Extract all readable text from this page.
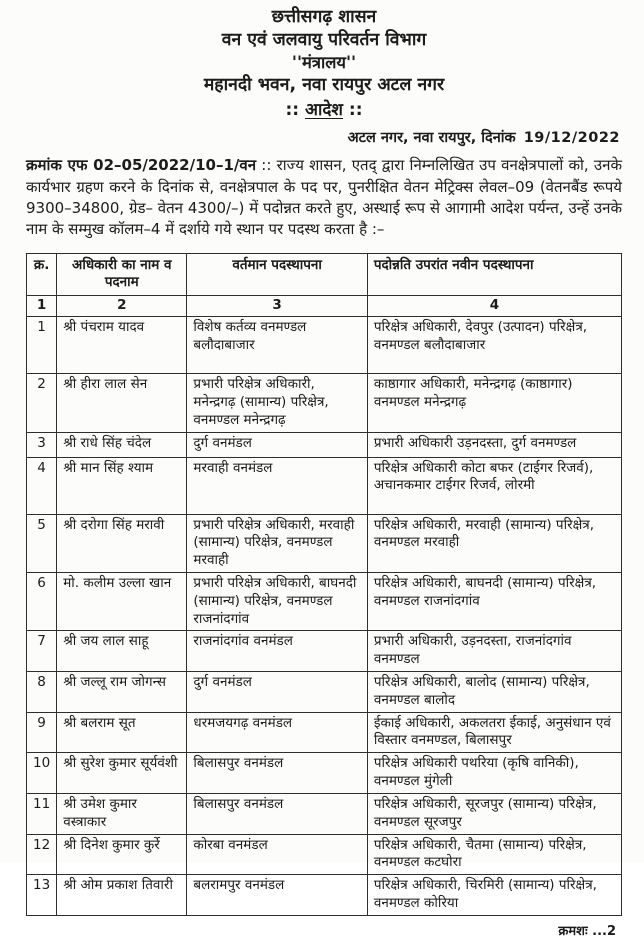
छत्तीसगढ़ शासन
वन एवं जलवायु परिवर्तन विभाग
''मंत्रालय''
महानदी भवन, नवा रायपुर अटल नगर
:: आदेश ::
अटल नगर, नवा रायपुर, दिनांक 19/12/2022
क्रमांक एफ 02–05/2022/10–1/वन :: राज्य शासन, एतद् द्वारा निम्नलिखित उप वनक्षेत्रपालों को, उनके कार्यभार ग्रहण करने के दिनांक से, वनक्षेत्रपाल के पद पर, पुनरीक्षित वेतन मेट्रिक्स लेवल–09 (वेतनबैंड रूपये 9300–34800, ग्रेड– वेतन 4300/–) में पदोन्नत करते हुए, अस्थाई रूप से आगामी आदेश पर्यन्त, उन्हें उनके नाम के सम्मुख कॉलम–4 में दर्शाये गये स्थान पर पदस्थ करता है :–
क्र.	अधिकारी का नाम व पदनाम	वर्तमान पदस्थापना	पदोन्नति उपरांत नवीन पदस्थापना
1	2	3	4
1	श्री पंचराम यादव	विशेष कर्तव्य वनमण्डल बलौदाबाजार	परिक्षेत्र अधिकारी, देवपुर (उत्पादन) परिक्षेत्र, वनमण्डल बलौदाबाजार
2	श्री हीरा लाल सेन	प्रभारी परिक्षेत्र अधिकारी, मनेन्द्रगढ़ (सामान्य) परिक्षेत्र, वनमण्डल मनेन्द्रगढ़	काष्ठागार अधिकारी, मनेन्द्रगढ़ (काष्ठागार) वनमण्डल मनेन्द्रगढ़
3	श्री राधे सिंह चंदेल	दुर्ग वनमंडल	प्रभारी अधिकारी उड़नदस्ता, दुर्ग वनमण्डल
4	श्री मान सिंह श्याम	मरवाही वनमंडल	परिक्षेत्र अधिकारी कोटा बफर (टाईगर रिजर्व), अचानकमार टाईगर रिजर्व, लोरमी
5	श्री दरोगा सिंह मरावी	प्रभारी परिक्षेत्र अधिकारी, मरवाही (सामान्य) परिक्षेत्र, वनमण्डल मरवाही	परिक्षेत्र अधिकारी, मरवाही (सामान्य) परिक्षेत्र, वनमण्डल मरवाही
6	मो. कलीम उल्ला खान	प्रभारी परिक्षेत्र अधिकारी, बाघनदी (सामान्य) परिक्षेत्र, वनमण्डल राजनांदगांव	परिक्षेत्र अधिकारी, बाघनदी (सामान्य) परिक्षेत्र, वनमण्डल राजनांदगांव
7	श्री जय लाल साहू	राजनांदगांव वनमंडल	प्रभारी अधिकारी, उड़नदस्ता, राजनांदगांव वनमण्डल
8	श्री जल्लू राम जोगन्स	दुर्ग वनमंडल	परिक्षेत्र अधिकारी, बालोद (सामान्य) परिक्षेत्र, वनमण्डल बालोद
9	श्री बलराम सूत	धरमजयगढ़ वनमंडल	ईकाई अधिकारी, अकलतरा ईकाई, अनुसंधान एवं विस्तार वनमण्डल, बिलासपुर
10	श्री सुरेश कुमार सूर्यवंशी	बिलासपुर वनमंडल	परिक्षेत्र अधिकारी पथरिया (कृषि वानिकी), वनमण्डल मुंगेली
11	श्री उमेश कुमार वस्त्राकार	बिलासपुर वनमंडल	परिक्षेत्र अधिकारी, सूरजपुर (सामान्य) परिक्षेत्र, वनमण्डल सूरजपुर
12	श्री दिनेश कुमार कुर्रे	कोरबा वनमंडल	परिक्षेत्र अधिकारी, चैतमा (सामान्य) परिक्षेत्र, वनमण्डल कटघोरा
13	श्री ओम प्रकाश तिवारी	बलरामपुर वनमंडल	परिक्षेत्र अधिकारी, चिरमिरी (सामान्य) परिक्षेत्र, वनमण्डल कोरिया
क्रमशः ...2
